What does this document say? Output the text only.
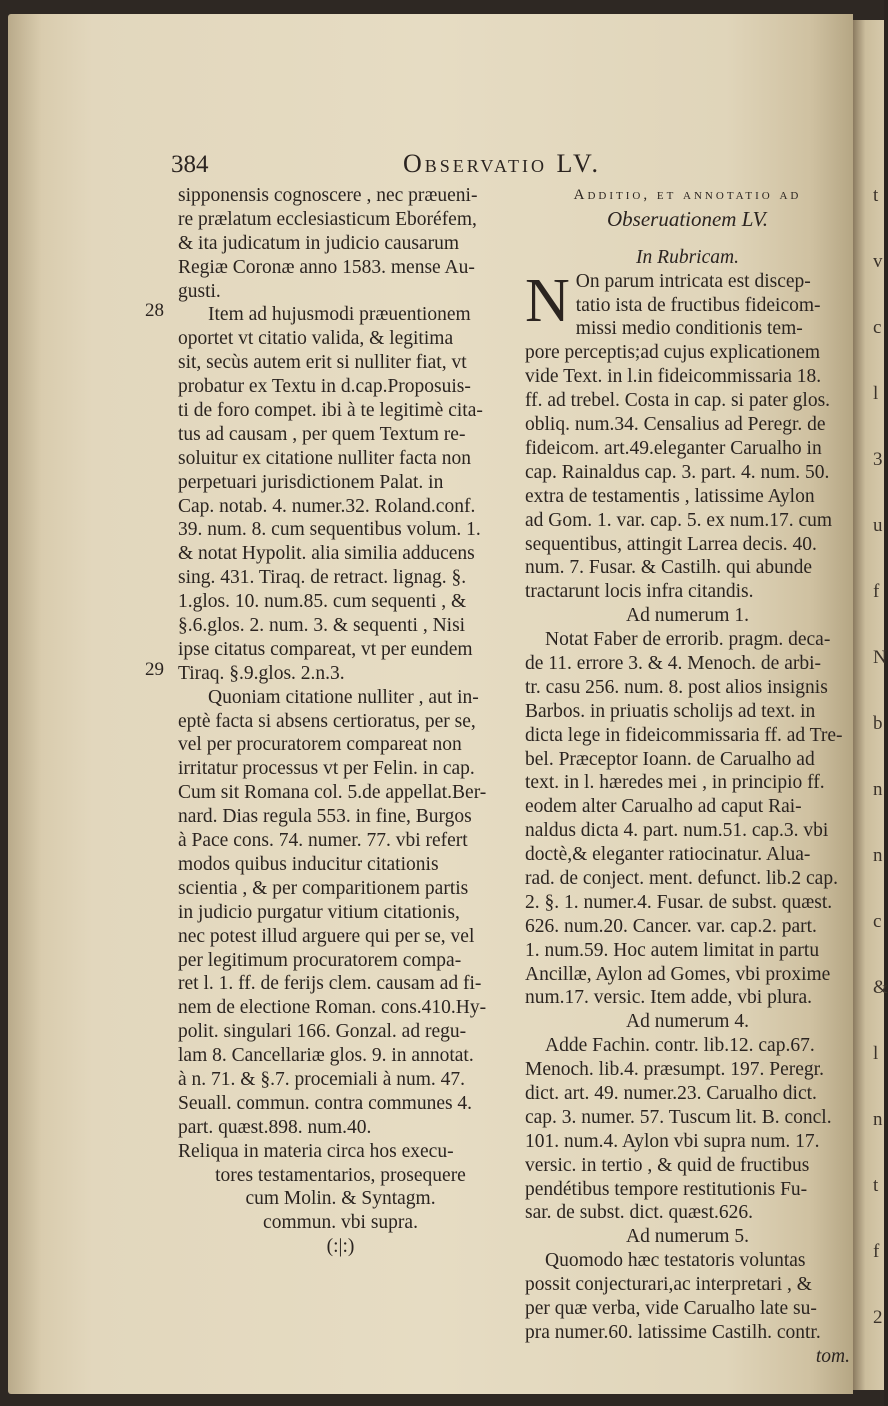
384	Observatio LV.
28
29
sipponensis cognoscere , nec præueni-
re prælatum ecclesiasticum Eboréfem,
& ita judicatum in judicio causarum
Regiæ Coronæ anno 1583. mense Au-
gusti.
Item ad hujusmodi præuentionem
oportet vt citatio valida, & legitima
sit, secùs autem erit si nulliter fiat, vt
probatur ex Textu in d.cap.Proposuis-
ti de foro compet. ibi à te legitimè cita-
tus ad causam , per quem Textum re-
soluitur ex citatione nulliter facta non
perpetuari jurisdictionem Palat. in
Cap. notab. 4. numer.32. Roland.conf.
39. num. 8. cum sequentibus volum. 1.
& notat Hypolit. alia similia adducens
sing. 431. Tiraq. de retract. lignag. §.
1.glos. 10. num.85. cum sequenti , &
§.6.glos. 2. num. 3. & sequenti , Nisi
ipse citatus compareat, vt per eundem
Tiraq. §.9.glos. 2.n.3.
Quoniam citatione nulliter , aut in-
eptè facta si absens certioratus, per se,
vel per procuratorem compareat non
irritatur processus vt per Felin. in cap.
Cum sit Romana col. 5.de appellat.Ber-
nard. Dias regula 553. in fine, Burgos
à Pace cons. 74. numer. 77. vbi refert
modos quibus inducitur citationis
scientia , & per comparitionem partis
in judicio purgatur vitium citationis,
nec potest illud arguere qui per se, vel
per legitimum procuratorem compa-
ret l. 1. ff. de ferijs clem. causam ad fi-
nem de electione Roman. cons.410.Hy-
polit. singulari 166. Gonzal. ad regu-
lam 8. Cancellariæ glos. 9. in annotat.
à n. 71. & §.7. procemiali à num. 47.
Seuall. commun. contra communes 4.
part. quæst.898. num.40.
Reliqua in materia circa hos execu-
tores testamentarios, prosequere
cum Molin. & Syntagm.
commun. vbi supra.
(:|:)
Additio, et annotatio ad
Obseruationem LV.
In Rubricam.
N On parum intricata est discep-
tatio ista de fructibus fideicom-
missi medio conditionis tem-
pore perceptis;ad cujus explicationem
vide Text. in l.in fideicommissaria 18.
ff. ad trebel. Costa in cap. si pater glos.
obliq. num.34. Censalius ad Peregr. de
fideicom. art.49.eleganter Carualho in
cap. Rainaldus cap. 3. part. 4. num. 50.
extra de testamentis , latissime Aylon
ad Gom. 1. var. cap. 5. ex num.17. cum
sequentibus, attingit Larrea decis. 40.
num. 7. Fusar. & Castilh. qui abunde
tractarunt locis infra citandis.
Ad numerum 1.
Notat Faber de errorib. pragm. deca-
de 11. errore 3. & 4. Menoch. de arbi-
tr. casu 256. num. 8. post alios insignis
Barbos. in priuatis scholijs ad text. in
dicta lege in fideicommissaria ff. ad Tre-
bel. Præceptor Ioann. de Carualho ad
text. in l. hæredes mei , in principio ff.
eodem alter Carualho ad caput Rai-
naldus dicta 4. part. num.51. cap.3. vbi
doctè,& eleganter ratiocinatur. Alua-
rad. de conject. ment. defunct. lib.2 cap.
2. §. 1. numer.4. Fusar. de subst. quæst.
626. num.20. Cancer. var. cap.2. part.
1. num.59. Hoc autem limitat in partu
Ancillæ, Aylon ad Gomes, vbi proxime
num.17. versic. Item adde, vbi plura.
Ad numerum 4.
Adde Fachin. contr. lib.12. cap.67.
Menoch. lib.4. præsumpt. 197. Peregr.
dict. art. 49. numer.23. Carualho dict.
cap. 3. numer. 57. Tuscum lit. B. concl.
101. num.4. Aylon vbi supra num. 17.
versic. in tertio , & quid de fructibus
pendétibus tempore restitutionis Fu-
sar. de subst. dict. quæst.626.
Ad numerum 5.
Quomodo hæc testatoris voluntas
possit conjecturari,ac interpretari , &
per quæ verba, vide Carualho late su-
pra numer.60. latissime Castilh. contr.
tom.
t
v
c
l
3
u
f
N
b
n
n
c
&
l
n
t
f
2
